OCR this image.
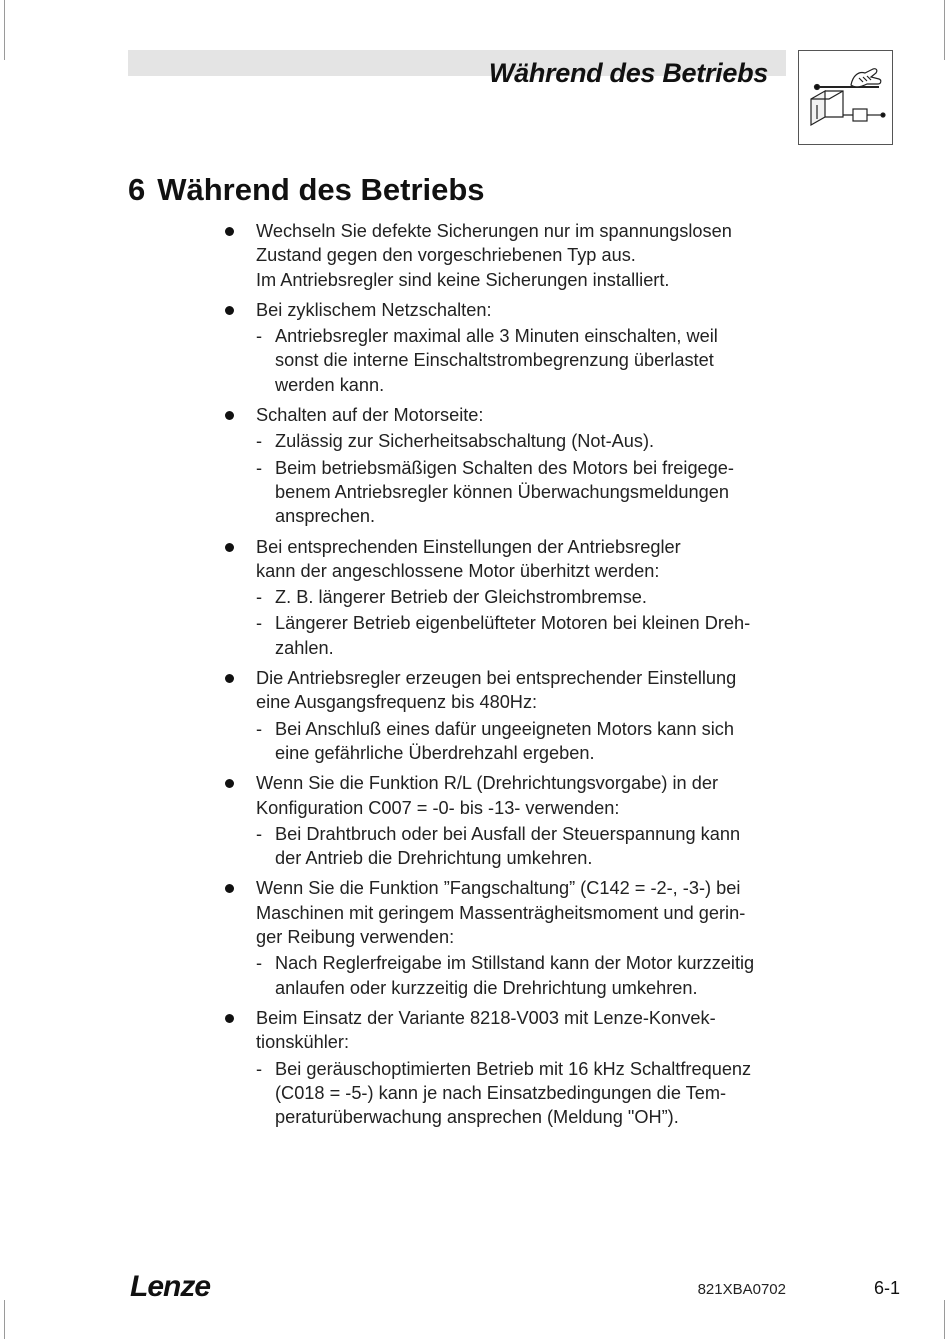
Während des Betriebs
6 Während des Betriebs
Wechseln Sie defekte Sicherungen nur im spannungslosen
Zustand gegen den vorgeschriebenen Typ aus.
Im Antriebsregler sind keine Sicherungen installiert.
Bei zyklischem Netzschalten:
- Antriebsregler maximal alle 3 Minuten einschalten, weil
sonst die interne Einschaltstrombegrenzung überlastet
werden kann.
Schalten auf der Motorseite:
- Zulässig zur Sicherheitsabschaltung (Not-Aus).
- Beim betriebsmäßigen Schalten des Motors bei freigege-
benem Antriebsregler können Überwachungsmeldungen
ansprechen.
Bei entsprechenden Einstellungen der Antriebsregler
kann der angeschlossene Motor überhitzt werden:
- Z. B. längerer Betrieb der Gleichstrombremse.
- Längerer Betrieb eigenbelüfteter Motoren bei kleinen Dreh-
zahlen.
Die Antriebsregler erzeugen bei entsprechender Einstellung
eine Ausgangsfrequenz bis 480Hz:
- Bei Anschluß eines dafür ungeeigneten Motors kann sich
eine gefährliche Überdrehzahl ergeben.
Wenn Sie die Funktion R/L (Drehrichtungsvorgabe) in der
Konfiguration C007 = -0- bis -13- verwenden:
- Bei Drahtbruch oder bei Ausfall der Steuerspannung kann
der Antrieb die Drehrichtung umkehren.
Wenn Sie die Funktion ”Fangschaltung” (C142 = -2-, -3-) bei
Maschinen mit geringem Massenträgheitsmoment und gerin-
ger Reibung verwenden:
- Nach Reglerfreigabe im Stillstand kann der Motor kurzzeitig
anlaufen oder kurzzeitig die Drehrichtung umkehren.
Beim Einsatz der Variante 8218-V003 mit Lenze-Konvek-
tionskühler:
- Bei geräuschoptimierten Betrieb mit 16 kHz Schaltfrequenz
(C018 = -5-) kann je nach Einsatzbedingungen die Tem-
peraturüberwachung ansprechen (Meldung "OH”).
Lenze	821XBA0702	6-1
